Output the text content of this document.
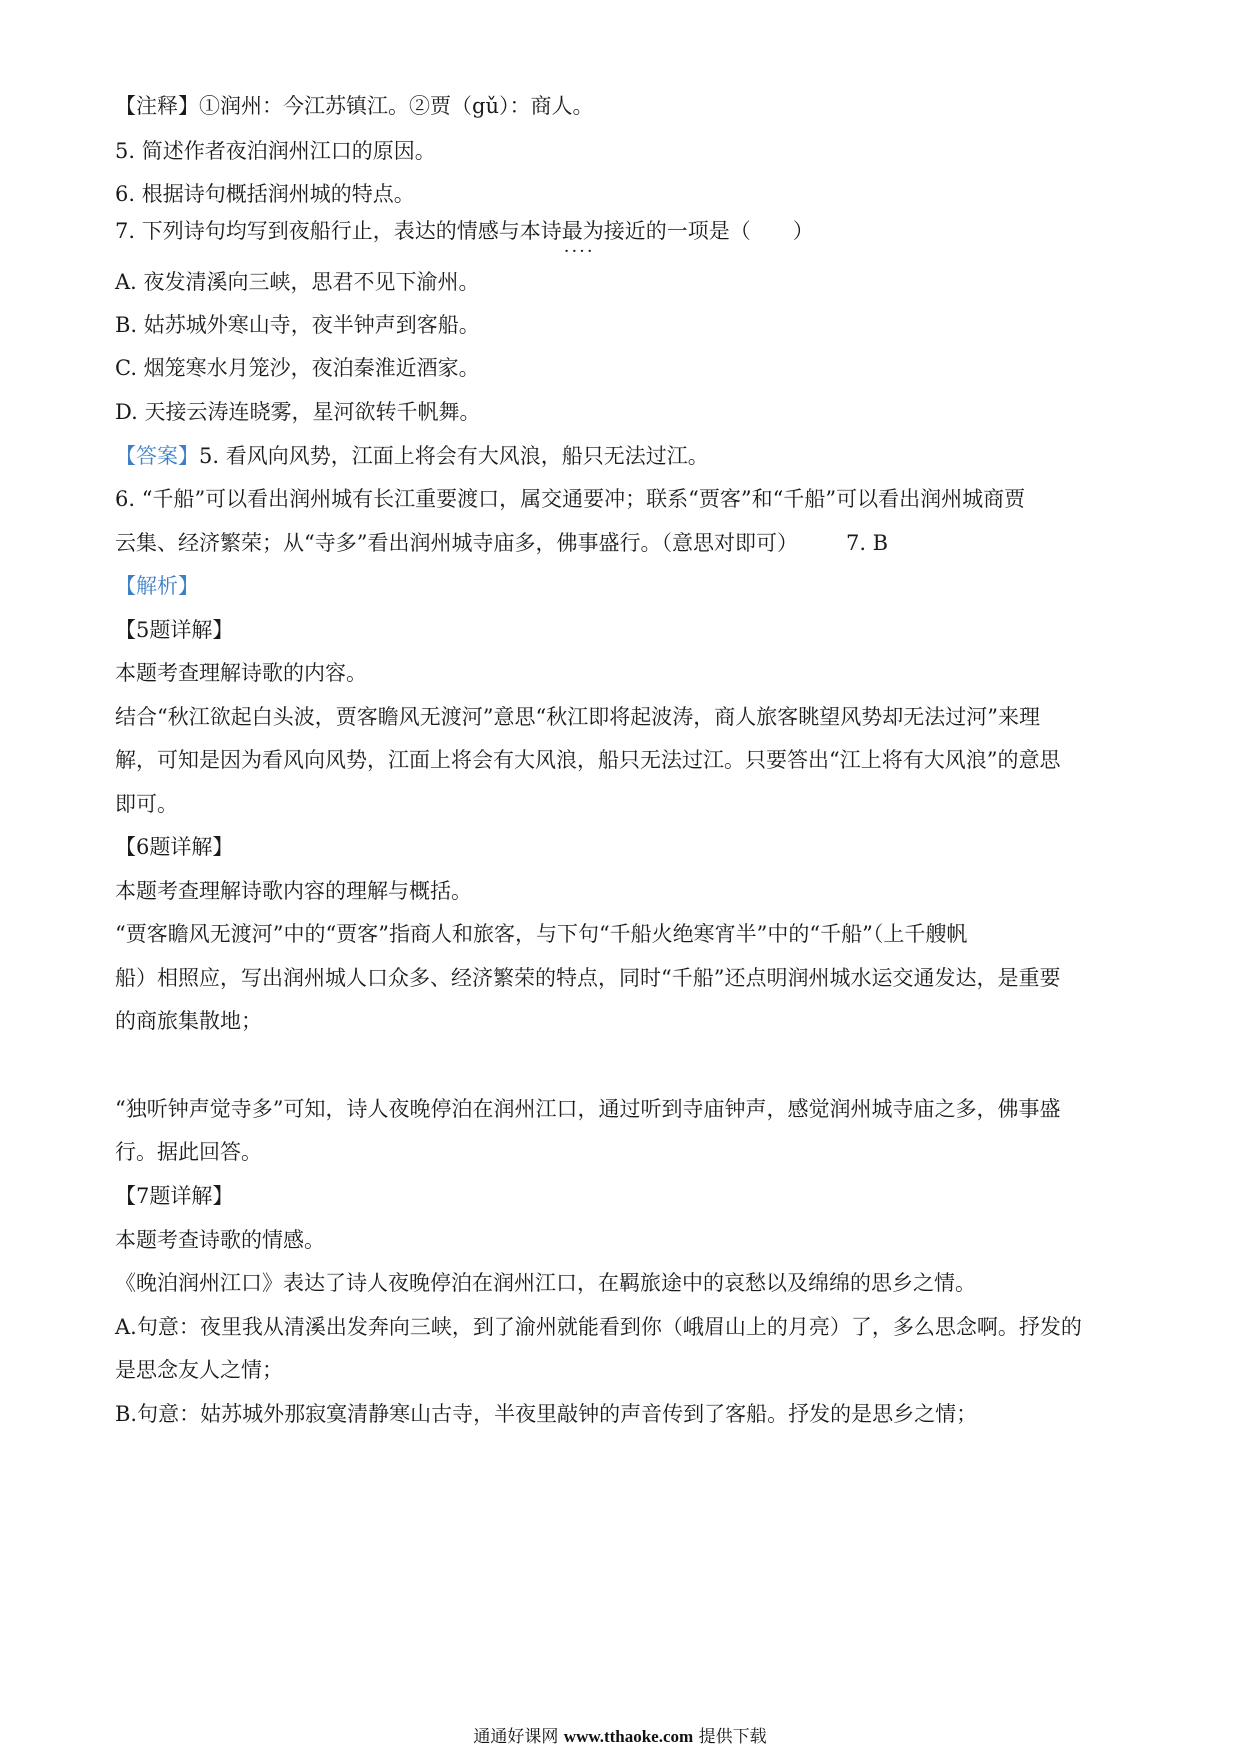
【注释】①润州：今江苏镇江。②贾（gǔ）：商人。
5. 简述作者夜泊润州江口的原因。
6. 根据诗句概括润州城的特点。
7. 下列诗句均写到夜船行止，表达的情感与本诗最为接近 ····的一项是（　　）
A. 夜发清溪向三峡，思君不见下渝州。
B. 姑苏城外寒山寺，夜半钟声到客船。
C. 烟笼寒水月笼沙，夜泊秦淮近酒家。
D. 天接云涛连晓雾，星河欲转千帆舞。
【答案】5. 看风向风势，江面上将会有大风浪，船只无法过江。
6. “千船”可以看出润州城有长江重要渡口，属交通要冲；联系“贾客”和“千船”可以看出润州城商贾
云集、经济繁荣；从“寺多”看出润州城寺庙多，佛事盛行。（意思对即可） 7. B
【解析】
【5题详解】
本题考查理解诗歌的内容。
结合“秋江欲起白头波，贾客瞻风无渡河”意思“秋江即将起波涛，商人旅客眺望风势却无法过河”来理
解，可知是因为看风向风势，江面上将会有大风浪，船只无法过江。只要答出“江上将有大风浪”的意思
即可。
【6题详解】
本题考查理解诗歌内容的理解与概括。
“贾客瞻风无渡河”中的“贾客”指商人和旅客，与下句“千船火绝寒宵半”中的“千船”（上千艘帆
船）相照应，写出润州城人口众多、经济繁荣的特点，同时“千船”还点明润州城水运交通发达，是重要
的商旅集散地；
“独听钟声觉寺多”可知，诗人夜晚停泊在润州江口，通过听到寺庙钟声，感觉润州城寺庙之多，佛事盛
行。据此回答。
【7题详解】
本题考查诗歌的情感。
《晚泊润州江口》表达了诗人夜晚停泊在润州江口，在羁旅途中的哀愁以及绵绵的思乡之情。
A.句意：夜里我从清溪出发奔向三峡，到了渝州就能看到你（峨眉山上的月亮）了，多么思念啊。抒发的
是思念友人之情；
B.句意：姑苏城外那寂寞清静寒山古寺，半夜里敲钟的声音传到了客船。抒发的是思乡之情；
通通好课网 www.tthaoke.com 提供下载
